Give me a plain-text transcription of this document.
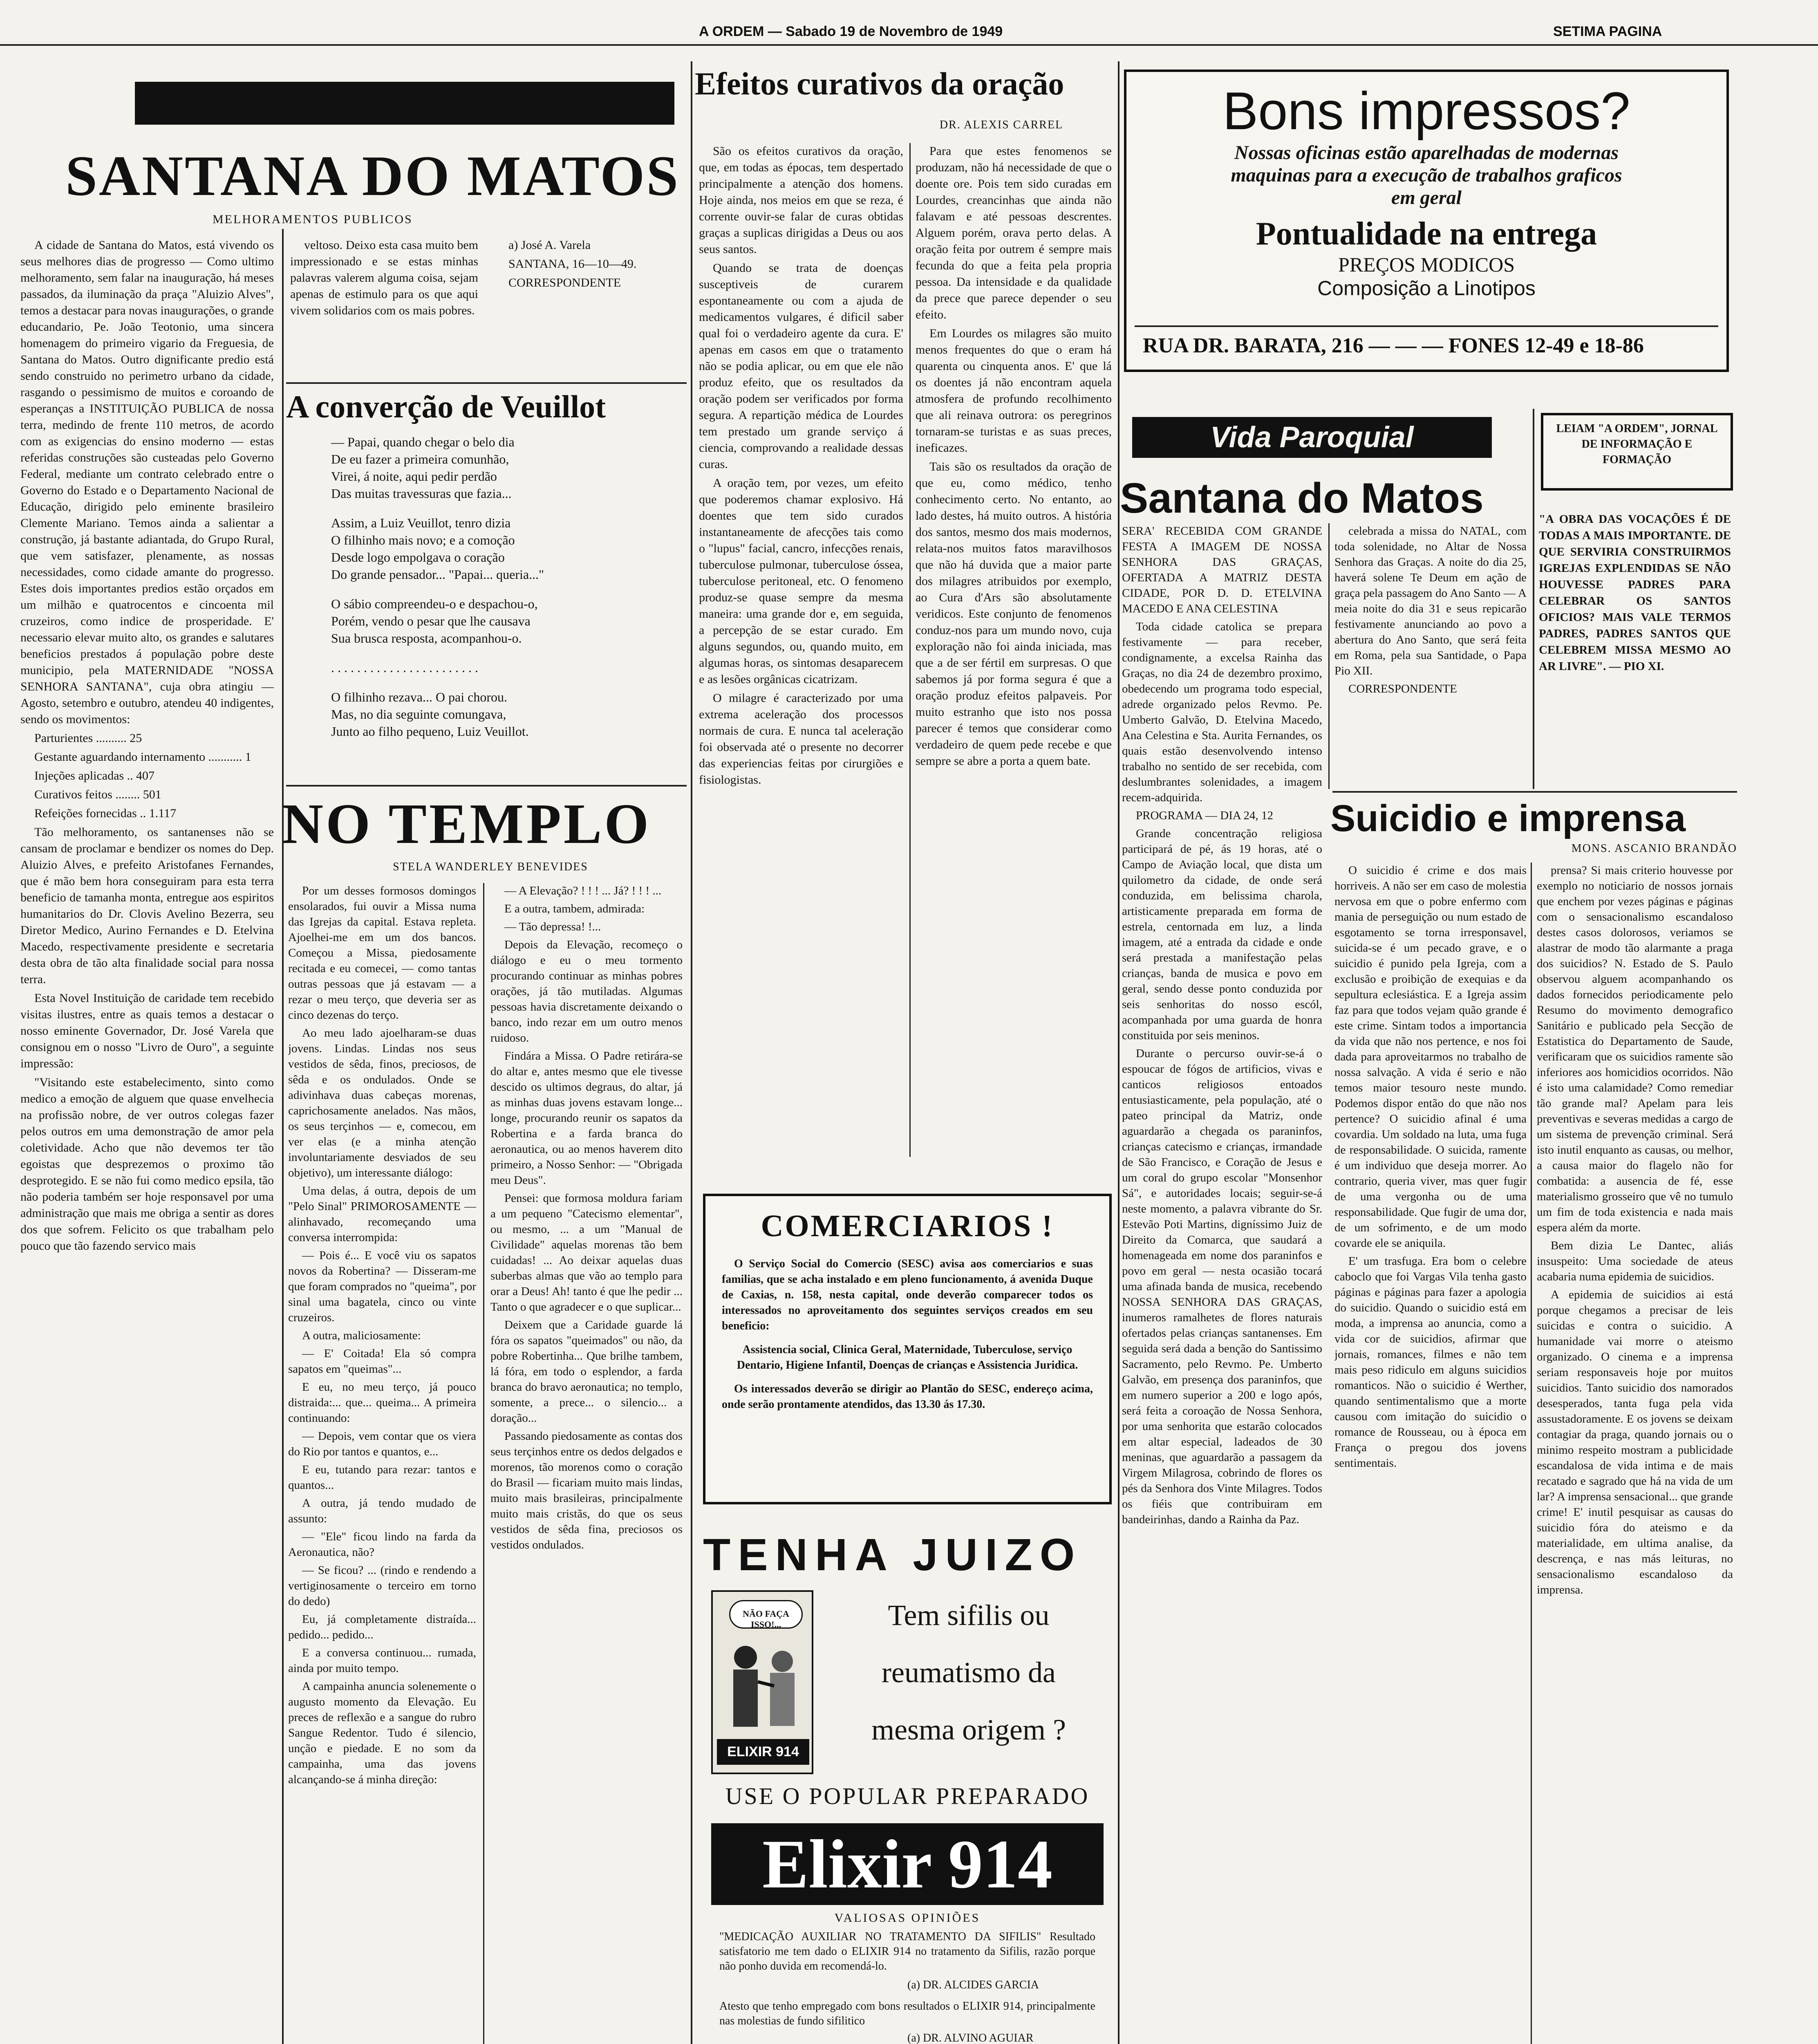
A ORDEM — Sabado 19 de Novembro de 1949	SETIMA PAGINA
SANTANA DO MATOS
MELHORAMENTOS PUBLICOS

A cidade de Santana do Matos, está vivendo os seus melhores dias de progresso — Como ultimo melhoramento, sem falar na inauguração, há meses passados, da iluminação da praça "Aluizio Alves", temos a destacar para novas inaugurações, o grande educandario, Pe. João Teotonio, uma sincera homenagem do primeiro vigario da Freguesia, de Santana do Matos. Outro dignificante predio está sendo construido no perimetro urbano da cidade, rasgando o pessimismo de muitos e coroando de esperanças a INSTITUIÇÃO PUBLICA de nossa terra, medindo de frente 110 metros, de acordo com as exigencias do ensino moderno — estas referidas construções são custeadas pelo Governo Federal, mediante um contrato celebrado entre o Governo do Estado e o Departamento Nacional de Educação, dirigido pelo eminente brasileiro Clemente Mariano. Temos ainda a salientar a construção, já bastante adiantada, do Grupo Rural, que vem satisfazer, plenamente, as nossas necessidades, como cidade amante do progresso. Estes dois importantes predios estão orçados em um milhão e quatrocentos e cincoenta mil cruzeiros, como indice de prosperidade. E' necessario elevar muito alto, os grandes e salutares beneficios prestados á população pobre deste municipio, pela MATERNIDADE "NOSSA SENHORA SANTANA", cuja obra atingiu — Agosto, setembro e outubro, atendeu 40 indigentes, sendo os movimentos:

Parturientes .......... 25

Gestante aguardando internamento ........... 1

Injeções aplicadas .. 407

Curativos feitos ........ 501

Refeições fornecidas .. 1.117

Tão melhoramento, os santanenses não se cansam de proclamar e bendizer os nomes do Dep. Aluizio Alves, e prefeito Aristofanes Fernandes, que é mão bem hora conseguiram para esta terra beneficio de tamanha monta, entregue aos espiritos humanitarios do Dr. Clovis Avelino Bezerra, seu Diretor Medico, Aurino Fernandes e D. Etelvina Macedo, respectivamente presidente e secretaria desta obra de tão alta finalidade social para nossa terra.

Esta Novel Instituição de caridade tem recebido visitas ilustres, entre as quais temos a destacar o nosso eminente Governador, Dr. José Varela que consignou em o nosso "Livro de Ouro", a seguinte impressão:

"Visitando este estabelecimento, sinto como medico a emoção de alguem que quase envelhecia na profissão nobre, de ver outros colegas fazer pelos outros em uma demonstração de amor pela coletividade. Acho que não devemos ter tão egoistas que desprezemos o proximo tão desprotegido. E se não fui como medico epsila, tão não poderia também ser hoje responsavel por uma administração que mais me obriga a sentir as dores dos que sofrem. Felicito os que trabalham pelo pouco que tão fazendo servico mais

veltoso. Deixo esta casa muito bem impressionado e se estas minhas palavras valerem alguma coisa, sejam apenas de estimulo para os que aqui vivem solidarios com os mais pobres.

a) José A. Varela

SANTANA, 16—10—49.

CORRESPONDENTE

A converção de Veuillot

— Papai, quando chegar o belo dia

De eu fazer a primeira comunhão,

Virei, á noite, aqui pedir perdão

Das muitas travessuras que fazia...

Assim, a Luiz Veuillot, tenro dizia

O filhinho mais novo; e a comoção

Desde logo empolgava o coração

Do grande pensador... "Papai... queria..."

O sábio compreendeu-o e despachou-o,

Porém, vendo o pesar que lhe causava

Sua brusca resposta, acompanhou-o.

. . . . . . . . . . . . . . . . . . . . . . .

O filhinho rezava... O pai chorou.

Mas, no dia seguinte comungava,

Junto ao filho pequeno, Luiz Veuillot.

NO TEMPLO
STELA WANDERLEY BENEVIDES

Por um desses formosos domingos ensolarados, fui ouvir a Missa numa das Igrejas da capital. Estava repleta. Ajoelhei-me em um dos bancos. Começou a Missa, piedosamente recitada e eu comecei, — como tantas outras pessoas que já estavam — a rezar o meu terço, que deveria ser as cinco dezenas do terço.

Ao meu lado ajoelharam-se duas jovens. Lindas. Lindas nos seus vestidos de sêda, finos, preciosos, de sêda e os ondulados. Onde se adivinhava duas cabeças morenas, caprichosamente anelados. Nas mãos, os seus terçinhos — e, comecou, em ver elas (e a minha atenção involuntariamente desviados de seu objetivo), um interessante diálogo:

Uma delas, á outra, depois de um "Pelo Sinal" PRIMOROSAMENTE — alinhavado, recomeçando uma conversa interrompida:

— Pois é... E você viu os sapatos novos da Robertina? — Disseram-me que foram comprados no "queima", por sinal uma bagatela, cinco ou vinte cruzeiros.

A outra, maliciosamente:

— E' Coitada! Ela só compra sapatos em "queimas"...

E eu, no meu terço, já pouco distraida:... que... queima... A primeira continuando:

— Depois, vem contar que os viera do Rio por tantos e quantos, e...

E eu, tutando para rezar: tantos e quantos...

A outra, já tendo mudado de assunto:

— "Ele" ficou lindo na farda da Aeronautica, não?

— Se ficou? ... (rindo e rendendo a vertiginosamente o terceiro em torno do dedo)

Eu, já completamente distraída... pedido... pedido...

E a conversa continuou... rumada, ainda por muito tempo.

A campainha anuncia solenemente o augusto momento da Elevação. Eu preces de reflexão e a sangue do rubro Sangue Redentor. Tudo é silencio, unção e piedade. E no som da campainha, uma das jovens alcançando-se á minha direção:

— A Elevação? ! ! ! ... Já? ! ! ! ...

E a outra, tambem, admirada:

— Tão depressa! !...

Depois da Elevação, recomeço o diálogo e eu o meu tormento procurando continuar as minhas pobres orações, já tão mutiladas. Algumas pessoas havia discretamente deixando o banco, indo rezar em um outro menos ruidoso.

Findára a Missa. O Padre retirára-se do altar e, antes mesmo que ele tivesse descido os ultimos degraus, do altar, já as minhas duas jovens estavam longe... longe, procurando reunir os sapatos da Robertina e a farda branca do aeronautica, ou ao menos haverem dito primeiro, a Nosso Senhor: — "Obrigada meu Deus".

Pensei: que formosa moldura fariam a um pequeno "Catecismo elementar", ou mesmo, ... a um "Manual de Civilidade" aquelas morenas tão bem cuidadas! ... Ao deixar aquelas duas suberbas almas que vão ao templo para orar a Deus! Ah! tanto é que lhe pedir ... Tanto o que agradecer e o que suplicar...

Deixem que a Caridade guarde lá fóra os sapatos "queimados" ou não, da pobre Robertinha... Que brilhe tambem, lá fóra, em todo o esplendor, a farda branca do bravo aeronautica; no templo, somente, a prece... o silencio... a doração...

Passando piedosamente as contas dos seus terçinhos entre os dedos delgados e morenos, tão morenos como o coração do Brasil — ficariam muito mais lindas, muito mais brasileiras, principalmente muito mais cristãs, do que os seus vestidos de sêda fina, preciosos os vestidos ondulados.

Efeitos curativos da oração
DR. ALEXIS CARREL

São os efeitos curativos da oração, que, em todas as épocas, tem despertado principalmente a atenção dos homens. Hoje ainda, nos meios em que se reza, é corrente ouvir-se falar de curas obtidas graças a suplicas dirigidas a Deus ou aos seus santos.

Quando se trata de doenças susceptiveis de curarem espontaneamente ou com a ajuda de medicamentos vulgares, é dificil saber qual foi o verdadeiro agente da cura. E' apenas em casos em que o tratamento não se podia aplicar, ou em que ele não produz efeito, que os resultados da oração podem ser verificados por forma segura. A repartição médica de Lourdes tem prestado um grande serviço á ciencia, comprovando a realidade dessas curas.

A oração tem, por vezes, um efeito que poderemos chamar explosivo. Há doentes que tem sido curados instantaneamente de afecções tais como o "lupus" facial, cancro, infecções renais, tuberculose pulmonar, tuberculose óssea, tuberculose peritoneal, etc. O fenomeno produz-se quase sempre da mesma maneira: uma grande dor e, em seguida, a percepção de se estar curado. Em alguns segundos, ou, quando muito, em algumas horas, os sintomas desaparecem e as lesões orgânicas cicatrizam.

O milagre é caracterizado por uma extrema aceleração dos processos normais de cura. E nunca tal aceleração foi observada até o presente no decorrer das experiencias feitas por cirurgiões e fisiologistas.

Para que estes fenomenos se produzam, não há necessidade de que o doente ore. Pois tem sido curadas em Lourdes, creancinhas que ainda não falavam e até pessoas descrentes. Alguem porém, orava perto delas. A oração feita por outrem é sempre mais fecunda do que a feita pela propria pessoa. Da intensidade e da qualidade da prece que parece depender o seu efeito.

Em Lourdes os milagres são muito menos frequentes do que o eram há quarenta ou cinquenta anos. E' que lá os doentes já não encontram aquela atmosfera de profundo recolhimento que ali reinava outrora: os peregrinos tornaram-se turistas e as suas preces, ineficazes.

Tais são os resultados da oração de que eu, como médico, tenho conhecimento certo. No entanto, ao lado destes, há muito outros. A história dos santos, mesmo dos mais modernos, relata-nos muitos fatos maravilhosos que não há duvida que a maior parte dos milagres atribuidos por exemplo, ao Cura d'Ars são absolutamente veridicos. Este conjunto de fenomenos conduz-nos para um mundo novo, cuja exploração não foi ainda iniciada, mas que a de ser fértil em surpresas. O que sabemos já por forma segura é que a oração produz efeitos palpaveis. Por muito estranho que isto nos possa parecer é temos que considerar como verdadeiro de quem pede recebe e que sempre se abre a porta a quem bate.

COMERCIARIOS !
O Serviço Social do Comercio (SESC) avisa aos comerciarios e suas familias, que se acha instalado e em pleno funcionamento, á avenida Duque de Caxias, n. 158, nesta capital, onde deverão comparecer todos os interessados no aproveitamento dos seguintes serviços creados em seu beneficio:
Assistencia social, Clinica Geral, Maternidade, Tuberculose, serviço Dentario, Higiene Infantil, Doenças de crianças e Assistencia Juridica.
Os interessados deverão se dirigir ao Plantão do SESC, endereço acima, onde serão prontamente atendidos, das 13.30 ás 17.30.
TENHA JUIZO
NÃO FAÇA ISSO!...
ELIXIR 914
Tem sifilis ou
reumatismo da
mesma origem ?
USE O POPULAR PREPARADO
Elixir 914
VALIOSAS OPINIÕES
"MEDICAÇÃO AUXILIAR NO TRATAMENTO DA SIFILIS" Resultado satisfatorio me tem dado o ELIXIR 914 no tratamento da Sifilis, razão porque não ponho duvida em recomendá-lo.
(a) DR. ALCIDES GARCIA
Atesto que tenho empregado com bons resultados o ELIXIR 914, principalmente nas molestias de fundo sifilitico
(a) DR. ALVINO AGUIAR
Bons impressos?
Nossas oficinas estão aparelhadas de modernas
maquinas para a execução de trabalhos graficos
em geral
Pontualidade na entrega
PREÇOS MODICOS
Composição a Linotipos
RUA DR. BARATA, 216 — — — FONES 12-49 e 18-86
Vida Paroquial
Santana do Matos

SERA' RECEBIDA COM GRANDE FESTA A IMAGEM DE NOSSA SENHORA DAS GRAÇAS, OFERTADA A MATRIZ DESTA CIDADE, POR D. D. ETELVINA MACEDO E ANA CELESTINA

Toda cidade catolica se prepara festivamente — para receber, condignamente, a excelsa Rainha das Graças, no dia 24 de dezembro proximo, obedecendo um programa todo especial, adrede organizado pelos Revmo. Pe. Umberto Galvão, D. Etelvina Macedo, Ana Celestina e Sta. Aurita Fernandes, os quais estão desenvolvendo intenso trabalho no sentido de ser recebida, com deslumbrantes solenidades, a imagem recem-adquirida.

PROGRAMA — DIA 24, 12

Grande concentração religiosa participará de pé, ás 19 horas, até o Campo de Aviação local, que dista um quilometro da cidade, de onde será conduzida, em belissima charola, artisticamente preparada em forma de estrela, centornada em luz, a linda imagem, até a entrada da cidade e onde será prestada a manifestação pelas crianças, banda de musica e povo em geral, sendo desse ponto conduzida por seis senhoritas do nosso escól, acompanhada por uma guarda de honra constituida por seis meninos.

Durante o percurso ouvir-se-á o espoucar de fógos de artificios, vivas e canticos religiosos entoados entusiasticamente, pela população, até o pateo principal da Matriz, onde aguardarão a chegada os paraninfos, crianças catecismo e crianças, irmandade de São Francisco, e Coração de Jesus e um coral do grupo escolar "Monsenhor Sá", e autoridades locais; seguir-se-á neste momento, a palavra vibrante do Sr. Estevão Poti Martins, digníssimo Juiz de Direito da Comarca, que saudará a homenageada em nome dos paraninfos e povo em geral — nesta ocasião tocará uma afinada banda de musica, recebendo NOSSA SENHORA DAS GRAÇAS, inumeros ramalhetes de flores naturais ofertados pelas crianças santanenses. Em seguida será dada a benção do Santissimo Sacramento, pelo Revmo. Pe. Umberto Galvão, em presença dos paraninfos, que em numero superior a 200 e logo após, será feita a coroação de Nossa Senhora, por uma senhorita que estarão colocados em altar especial, ladeados de 30 meninas, que aguardarão a passagem da Virgem Milagrosa, cobrindo de flores os pés da Senhora dos Vinte Milagres. Todos os fiéis que contribuiram em bandeirinhas, dando a Rainha da Paz.

celebrada a missa do NATAL, com toda solenidade, no Altar de Nossa Senhora das Graças. A noite do dia 25, haverá solene Te Deum em ação de graça pela passagem do Ano Santo — A meia noite do dia 31 e seus repicarão festivamente anunciando ao povo a abertura do Ano Santo, que será feita em Roma, pela sua Santidade, o Papa Pio XII.

CORRESPONDENTE

LEIAM "A ORDEM", JORNAL DE INFORMAÇÃO E FORMAÇÃO
"A OBRA DAS VOCAÇÕES É DE TODAS A MAIS IMPORTANTE. DE QUE SERVIRIA CONSTRUIRMOS IGREJAS EXPLENDIDAS SE NÃO HOUVESSE PADRES PARA CELEBRAR OS SANTOS OFICIOS? MAIS VALE TERMOS PADRES, PADRES SANTOS QUE CELEBREM MISSA MESMO AO AR LIVRE". — PIO XI.
Suicidio e imprensa
MONS. ASCANIO BRANDÃO

O suicidio é crime e dos mais horriveis. A não ser em caso de molestia nervosa em que o pobre enfermo com mania de perseguição ou num estado de esgotamento se torna irresponsavel, suicida-se é um pecado grave, e o suicidio é punido pela Igreja, com a exclusão e proibição de exequias e da sepultura eclesiástica. E a Igreja assim faz para que todos vejam quão grande é este crime. Sintam todos a importancia da vida que não nos pertence, e nos foi dada para aproveitarmos no trabalho de nossa salvação. A vida é serio e não temos maior tesouro neste mundo. Podemos dispor então do que não nos pertence? O suicidio afinal é uma covardia. Um soldado na luta, uma fuga de responsabilidade. O suicida, ramente é um individuo que deseja morrer. Ao contrario, queria viver, mas quer fugir de uma vergonha ou de uma responsabilidade. Que fugir de uma dor, de um sofrimento, e de um modo covarde ele se aniquila.

E' um trasfuga. Era bom o celebre caboclo que foi Vargas Vila tenha gasto páginas e páginas para fazer a apologia do suicidio. Quando o suicidio está em moda, a imprensa ao anuncia, como a vida cor de suicidios, afirmar que jornais, romances, filmes e não tem mais peso ridiculo em alguns suicidios romanticos. Não o suicidio é Werther, quando sentimentalismo que a morte causou com imitação do suicidio o romance de Rousseau, ou à época em França o pregou dos jovens sentimentais.

prensa? Si mais criterio houvesse por exemplo no noticiario de nossos jornais que enchem por vezes páginas e páginas com o sensacionalismo escandaloso destes casos dolorosos, veriamos se alastrar de modo tão alarmante a praga dos suicidios? N. Estado de S. Paulo observou alguem acompanhando os dados fornecidos periodicamente pelo Resumo do movimento demografico Sanitário e publicado pela Secção de Estatistica do Departamento de Saude, verificaram que os suicidios ramente são inferiores aos homicidios ocorridos. Não é isto uma calamidade? Como remediar tão grande mal? Apelam para leis preventivas e severas medidas a cargo de um sistema de prevenção criminal. Será isto inutil enquanto as causas, ou melhor, a causa maior do flagelo não for combatida: a ausencia de fé, esse materialismo grosseiro que vê no tumulo um fim de toda existencia e nada mais espera além da morte.

Bem dizia Le Dantec, aliás insuspeito: Uma sociedade de ateus acabaria numa epidemia de suicidios.

A epidemia de suicidios ai está porque chegamos a precisar de leis suicidas e contra o suicidio. A humanidade vai morre o ateismo organizado. O cinema e a imprensa seriam responsaveis hoje por muitos suicidios. Tanto suicidio dos namorados desesperados, tanta fuga pela vida assustadoramente. E os jovens se deixam contagiar da praga, quando jornais ou o minimo respeito mostram a publicidade escandalosa de vida intima e de mais recatado e sagrado que há na vida de um lar? A imprensa sensacional... que grande crime! E' inutil pesquisar as causas do suicidio fóra do ateismo e da materialidade, em ultima analise, da descrença, e nas más leituras, no sensacionalismo escandaloso da imprensa.
